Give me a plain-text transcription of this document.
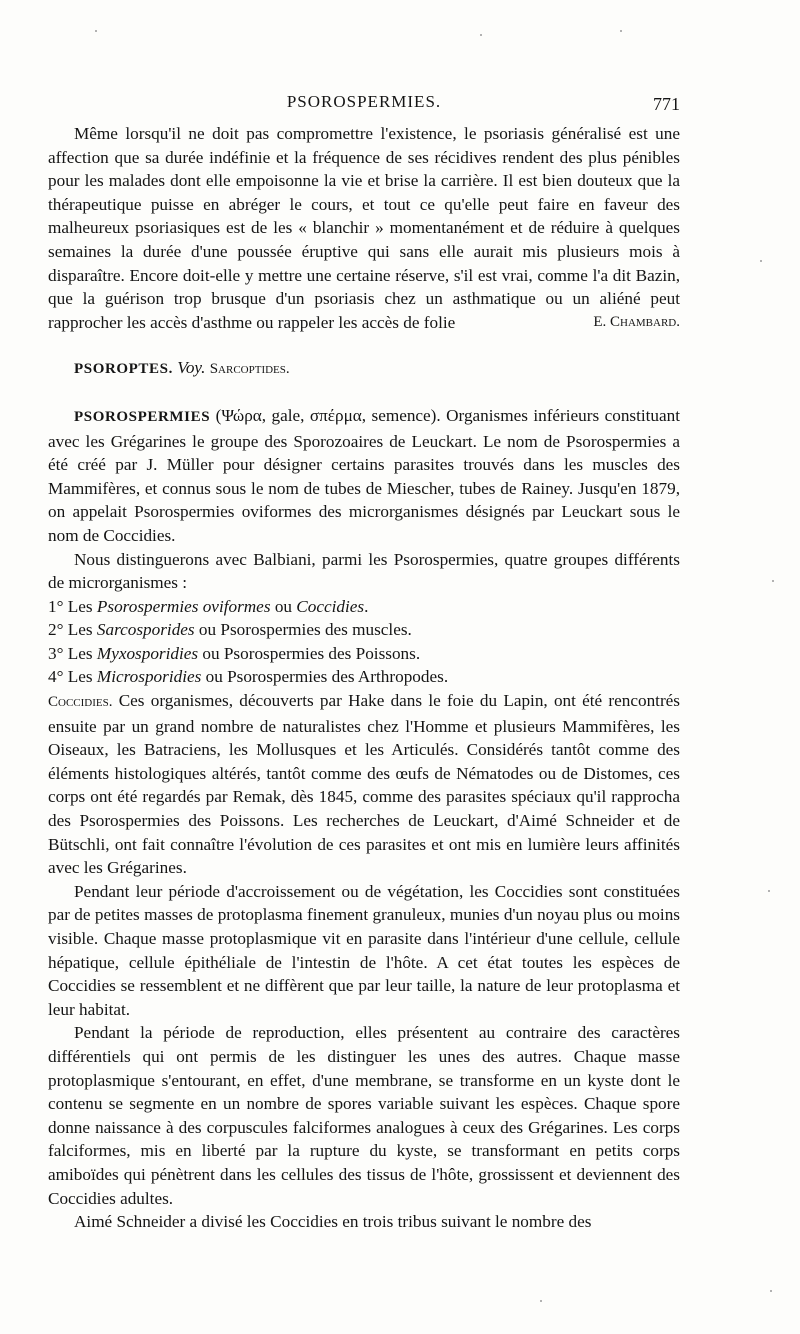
PSOROSPERMIES.	771

Même lorsqu'il ne doit pas compromettre l'existence, le psoriasis généralisé est une affection que sa durée indéfinie et la fréquence de ses récidives rendent des plus pénibles pour les malades dont elle empoisonne la vie et brise la carrière. Il est bien douteux que la thérapeutique puisse en abréger le cours, et tout ce qu'elle peut faire en faveur des malheureux psoriasiques est de les « blanchir » momentanément et de réduire à quelques semaines la durée d'une poussée éruptive qui sans elle aurait mis plusieurs mois à disparaître. Encore doit-elle y mettre une certaine réserve, s'il est vrai, comme l'a dit Bazin, que la guérison trop brusque d'un psoriasis chez un asthmatique ou un aliéné peut rapprocher les accès d'asthme ou rappeler les accès de folie	E. Chambard.

PSOROPTES. Voy. Sarcoptides.

PSOROSPERMIES (Ψώρα, gale, σπέρμα, semence). Organismes inférieurs constituant avec les Grégarines le groupe des Sporozoaires de Leuckart. Le nom de Psorospermies a été créé par J. Müller pour désigner certains parasites trouvés dans les muscles des Mammifères, et connus sous le nom de tubes de Miescher, tubes de Rainey. Jusqu'en 1879, on appelait Psorospermies oviformes des microrganismes désignés par Leuckart sous le nom de Coccidies.

Nous distinguerons avec Balbiani, parmi les Psorospermies, quatre groupes différents de microrganismes :

1° Les Psorospermies oviformes ou Coccidies.

2° Les Sarcosporides ou Psorospermies des muscles.

3° Les Myxosporidies ou Psorospermies des Poissons.

4° Les Microsporidies ou Psorospermies des Arthropodes.

Coccidies. Ces organismes, découverts par Hake dans le foie du Lapin, ont été rencontrés ensuite par un grand nombre de naturalistes chez l'Homme et plusieurs Mammifères, les Oiseaux, les Batraciens, les Mollusques et les Articulés. Considérés tantôt comme des éléments histologiques altérés, tantôt comme des œufs de Nématodes ou de Distomes, ces corps ont été regardés par Remak, dès 1845, comme des parasites spéciaux qu'il rapprocha des Psorospermies des Poissons. Les recherches de Leuckart, d'Aimé Schneider et de Bütschli, ont fait connaître l'évolution de ces parasites et ont mis en lumière leurs affinités avec les Grégarines.

Pendant leur période d'accroissement ou de végétation, les Coccidies sont constituées par de petites masses de protoplasma finement granuleux, munies d'un noyau plus ou moins visible. Chaque masse protoplasmique vit en parasite dans l'intérieur d'une cellule, cellule hépatique, cellule épithéliale de l'intestin de l'hôte. A cet état toutes les espèces de Coccidies se ressemblent et ne diffèrent que par leur taille, la nature de leur protoplasma et leur habitat.

Pendant la période de reproduction, elles présentent au contraire des caractères différentiels qui ont permis de les distinguer les unes des autres. Chaque masse protoplasmique s'entourant, en effet, d'une membrane, se transforme en un kyste dont le contenu se segmente en un nombre de spores variable suivant les espèces. Chaque spore donne naissance à des corpuscules falciformes analogues à ceux des Grégarines. Les corps falciformes, mis en liberté par la rupture du kyste, se transformant en petits corps amiboïdes qui pénètrent dans les cellules des tissus de l'hôte, grossissent et deviennent des Coccidies adultes.

Aimé Schneider a divisé les Coccidies en trois tribus suivant le nombre des
